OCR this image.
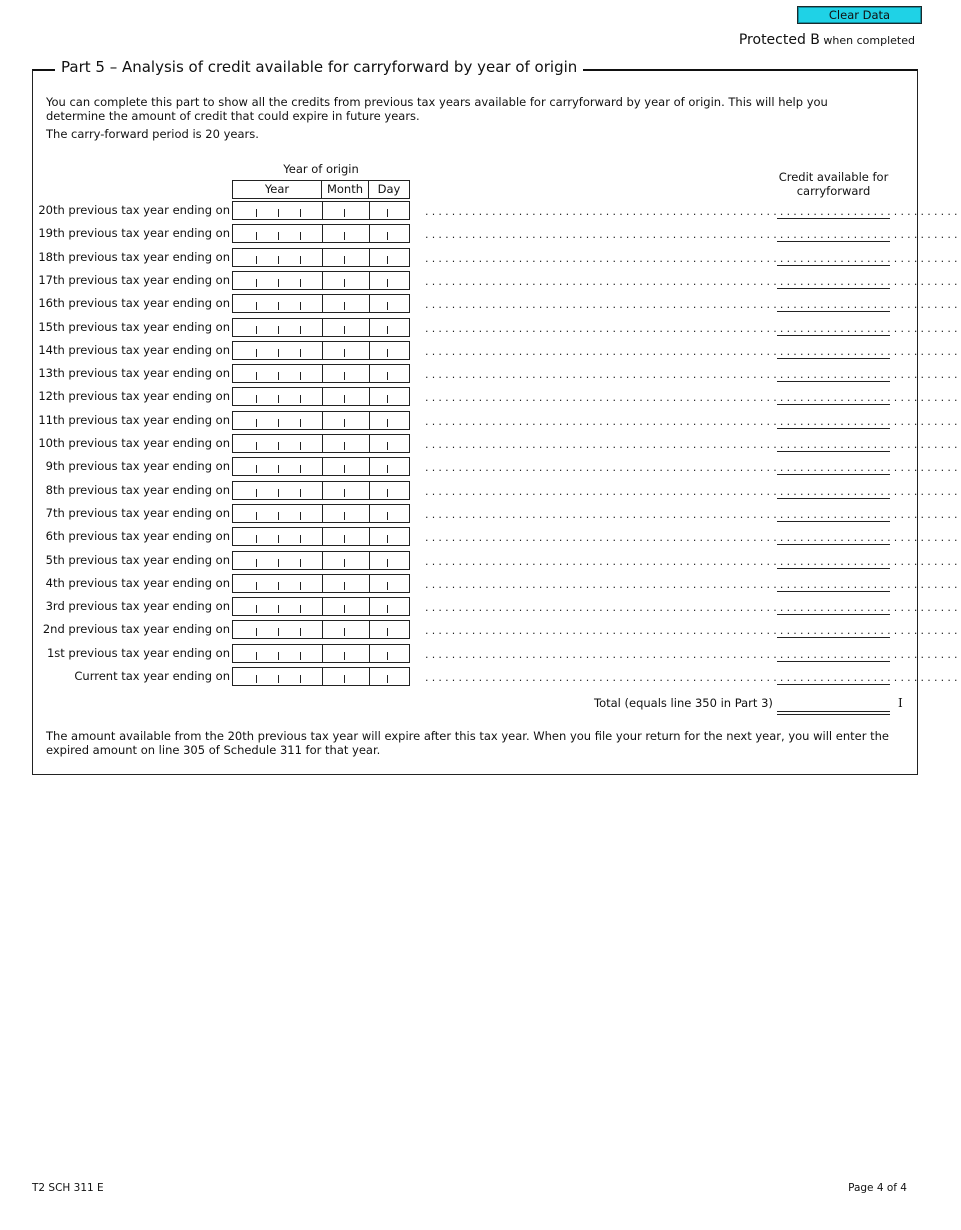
Clear Data
Protected B when completed
Part 5 – Analysis of credit available for carryforward by year of origin

You can complete this part to show all the credits from previous tax years available for carryforward by year of origin. This will help you determine the amount of credit that could expire in future years.

The carry-forward period is 20 years.

Year of origin
Year	Month	Day
Credit available for carryforward
20th previous tax year ending on	................................................................................
19th previous tax year ending on	................................................................................
18th previous tax year ending on	................................................................................
17th previous tax year ending on	................................................................................
16th previous tax year ending on	................................................................................
15th previous tax year ending on	................................................................................
14th previous tax year ending on	................................................................................
13th previous tax year ending on	................................................................................
12th previous tax year ending on	................................................................................
11th previous tax year ending on	................................................................................
10th previous tax year ending on	................................................................................
9th previous tax year ending on	................................................................................
8th previous tax year ending on	................................................................................
7th previous tax year ending on	................................................................................
6th previous tax year ending on	................................................................................
5th previous tax year ending on	................................................................................
4th previous tax year ending on	................................................................................
3rd previous tax year ending on	................................................................................
2nd previous tax year ending on	................................................................................
1st previous tax year ending on	................................................................................
Current tax year ending on	................................................................................
Total (equals line 350 in Part 3)	I
The amount available from the 20th previous tax year will expire after this tax year. When you file your return for the next year, you will enter the expired amount on line 305 of Schedule 311 for that year.
T2 SCH 311 E	Page 4 of 4
